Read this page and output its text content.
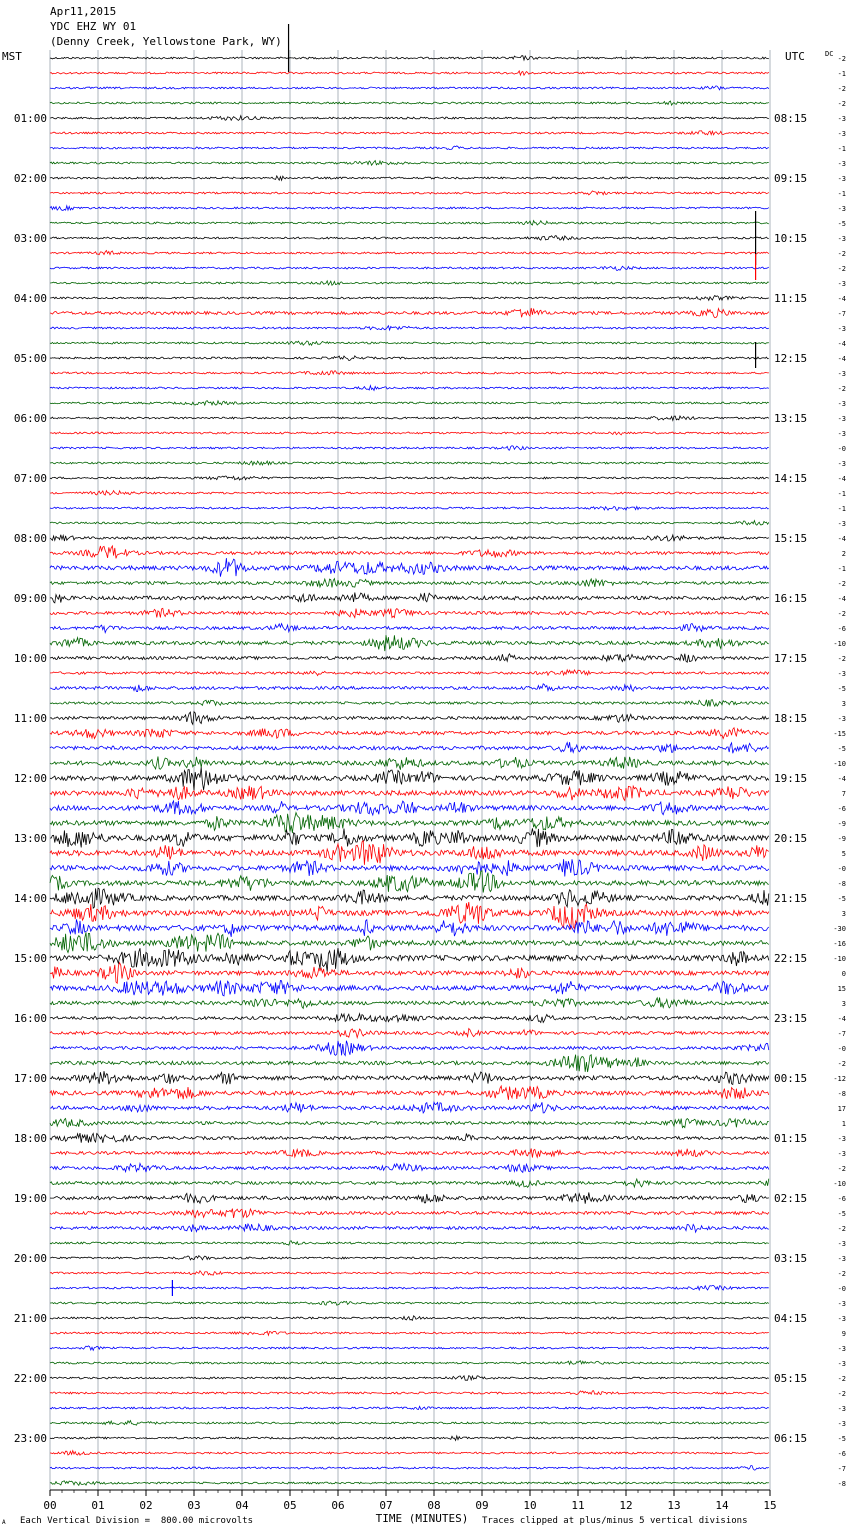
01:00
02:00
03:00
04:00
05:00
06:00
07:00
08:00
09:00
10:00
11:00
12:00
13:00
14:00
15:00
16:00
17:00
18:00
19:00
20:00
21:00
22:00
23:00
08:15
09:15
10:15
11:15
12:15
13:15
14:15
15:15
16:15
17:15
18:15
19:15
20:15
21:15
22:15
23:15
00:15
01:15
02:15
03:15
04:15
05:15
06:15
-2
-1
-2
-2
-3
-3
-1
-3
-3
-1
-3
-5
-3
-2
-2
-3
-4
-7
-3
-4
-4
-3
-2
-3
-3
-3
-0
-3
-4
-1
-1
-3
-4
2
-1
-2
-4
-2
-6
-10
-2
-3
-5
3
-3
-15
-5
-10
-4
7
-6
-9
-9
5
-0
-8
-5
3
-30
-16
-10
0
15
3
-4
-7
-0
-2
-12
-8
17
1
-3
-3
-2
-10
-6
-5
-2
-3
-3
-2
-0
-3
-3
9
-3
-3
-2
-2
-3
-3
-5
-6
-7
-8
00	01	02	03	04	05	06	07	08	09	10	11	12	13	14	15
TIME (MINUTES)
Apr11,2015
YDC EHZ WY 01
(Denny Creek, Yellowstone Park, WY)
MST	UTC	DC
A Each Vertical Division =  800.00 microvolts	Traces clipped at plus/minus 5 vertical divisions
